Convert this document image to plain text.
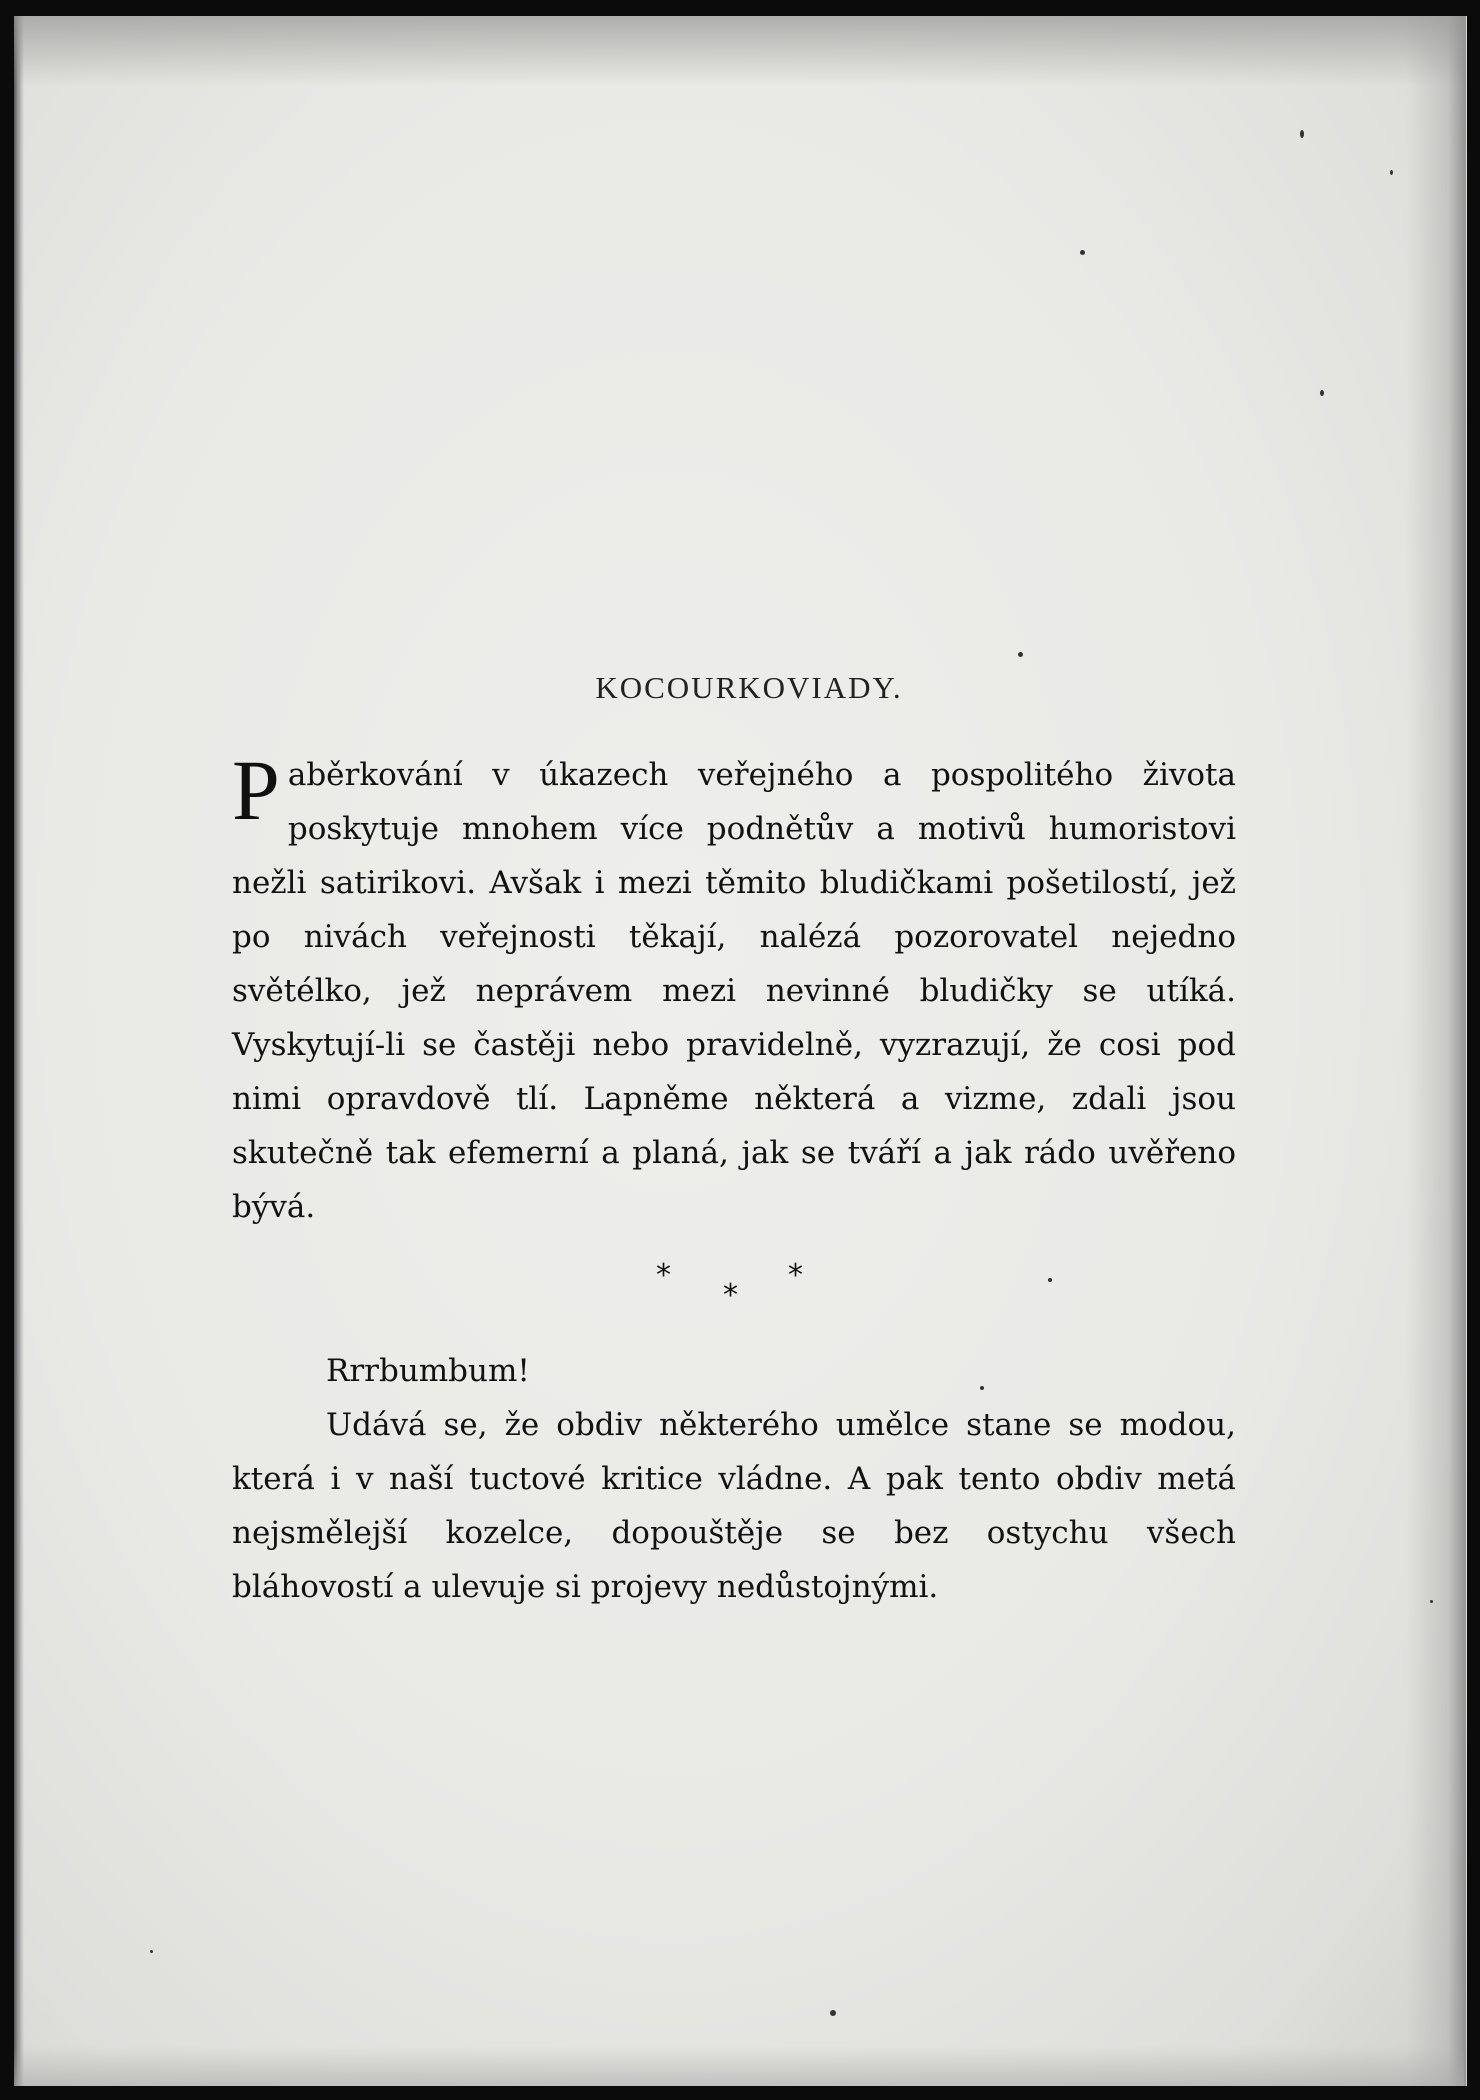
KOCOURKOVIADY.

Paběrkování v úkazech veřejného a pospolitého života poskytuje mnohem více podnětův a motivů humoristovi nežli satirikovi. Avšak i mezi těmito bludičkami pošetilostí, jež po nivách veřejnosti těkají, nalézá pozorovatel nejedno světélko, jež neprávem mezi nevinné bludičky se utíká. Vyskytují-li se častěji nebo pravidelně, vyzrazují, že cosi pod nimi opravdově tlí. Lapněme některá a vizme, zdali jsou skutečně tak efemerní a planá, jak se tváří a jak rádo uvěřeno bývá.

*
*
*

Rrrbumbum!

Udává se, že obdiv některého umělce stane se modou, která i v naší tuctové kritice vládne. A pak tento obdiv metá nejsmělejší kozelce, dopouštěje se bez ostychu všech bláhovostí a ulevuje si projevy nedůstojnými.
